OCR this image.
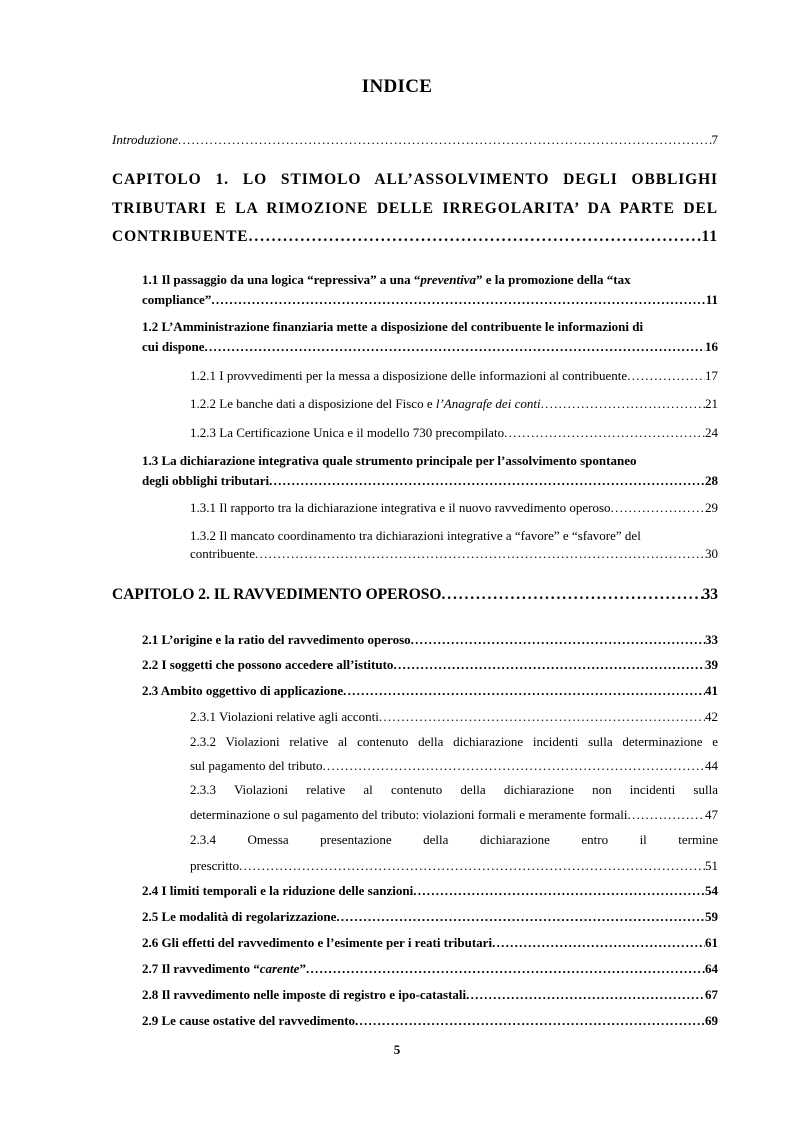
INDICE
Introduzione . . .	7
CAPITOLO 1. LO STIMOLO ALL’ASSOLVIMENTO DEGLI OBBLIGHI
TRIBUTARI E LA RIMOZIONE DELLE IRREGOLARITA’ DA PARTE DEL
CONTRIBUENTE . . .	11
1.1 Il passaggio da una logica “repressiva” a una “preventiva” e la promozione della “tax
compliance” . . .	11
1.2 L’Amministrazione finanziaria mette a disposizione del contribuente le informazioni di
cui dispone . . .	16
1.2.1 I provvedimenti per la messa a disposizione delle informazioni al contribuente . . .	17
1.2.2 Le banche dati a disposizione del Fisco e l’Anagrafe dei conti . . .	21
1.2.3 La Certificazione Unica e il modello 730 precompilato . . .	24
1.3 La dichiarazione integrativa quale strumento principale per l’assolvimento spontaneo
degli obblighi tributari . . .	28
1.3.1 Il rapporto tra la dichiarazione integrativa e il nuovo ravvedimento operoso . . .	29
1.3.2 Il mancato coordinamento tra dichiarazioni integrative a “favore” e “sfavore” del
contribuente . . .	30
CAPITOLO 2. IL RAVVEDIMENTO OPEROSO . . .	33
2.1 L’origine e la ratio del ravvedimento operoso . . .	33
2.2 I soggetti che possono accedere all’istituto . . .	39
2.3 Ambito oggettivo di applicazione . . .	41
2.3.1 Violazioni relative agli acconti . . .	42
2.3.2 Violazioni relative al contenuto della dichiarazione incidenti sulla determinazione e
sul pagamento del tributo . . .	44
2.3.3 Violazioni relative al contenuto della dichiarazione non incidenti sulla
determinazione o sul pagamento del tributo: violazioni formali e meramente formali . . .	47
2.3.4 Omessa presentazione della dichiarazione entro il termine
prescritto . . .	51
2.4 I limiti temporali e la riduzione delle sanzioni . . .	54
2.5 Le modalità di regolarizzazione . . .	59
2.6 Gli effetti del ravvedimento e l’esimente per i reati tributari . . .	61
2.7 Il ravvedimento “carente” . . .	64
2.8 Il ravvedimento nelle imposte di registro e ipo-catastali . . .	67
2.9 Le cause ostative del ravvedimento . . .	69
5
